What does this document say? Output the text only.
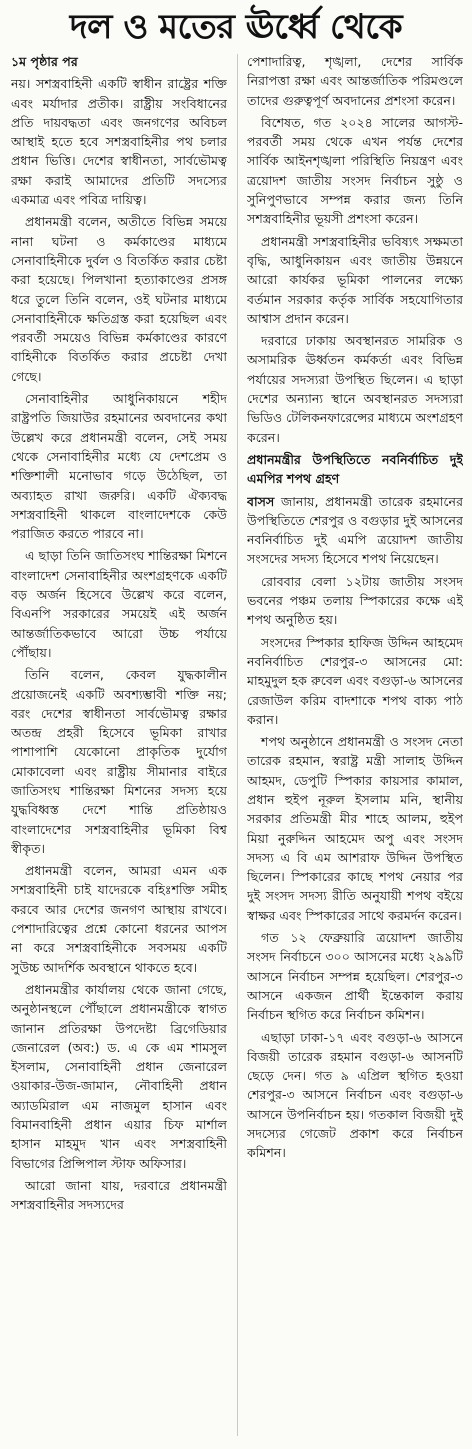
দল ও মতের ঊর্ধ্বে থেকে

১ম পৃষ্ঠার পর

নয়। সশস্ত্রবাহিনী একটি স্বাধীন রাষ্ট্রের শক্তি এবং মর্যাদার প্রতীক। রাষ্ট্রীয় সংবিধানের প্রতি দায়বদ্ধতা এবং জনগণের অবিচল আস্থাই হতে হবে সশস্ত্রবাহিনীর পথ চলার প্রধান ভিত্তি। দেশের স্বাধীনতা, সার্বভৌমত্ব রক্ষা করাই আমাদের প্রতিটি সদস্যের একমাত্র এবং পবিত্র দায়িত্ব।

প্রধানমন্ত্রী বলেন, অতীতে বিভিন্ন সময়ে নানা ঘটনা ও কর্মকাণ্ডের মাধ্যমে সেনাবাহিনীকে দুর্বল ও বিতর্কিত করার চেষ্টা করা হয়েছে। পিলখানা হত্যাকাণ্ডের প্রসঙ্গ ধরে তুলে তিনি বলেন, ওই ঘটনার মাধ্যমে সেনাবাহিনীকে ক্ষতিগ্রস্ত করা হয়েছিল এবং পরবর্তী সময়েও বিভিন্ন কর্মকাণ্ডের কারণে বাহিনীকে বিতর্কিত করার প্রচেষ্টা দেখা গেছে।

সেনাবাহিনীর আধুনিকায়নে শহীদ রাষ্ট্রপতি জিয়াউর রহমানের অবদানের কথা উল্লেখ করে প্রধানমন্ত্রী বলেন, সেই সময় থেকে সেনাবাহিনীর মধ্যে যে দেশপ্রেম ও শক্তিশালী মনোভাব গড়ে উঠেছিল, তা অব্যাহত রাখা জরুরি। একটি ঐক্যবদ্ধ সশস্ত্রবাহিনী থাকলে বাংলাদেশকে কেউ পরাজিত করতে পারবে না।

এ ছাড়া তিনি জাতিসংঘ শান্তিরক্ষা মিশনে বাংলাদেশ সেনাবাহিনীর অংশগ্রহণকে একটি বড় অর্জন হিসেবে উল্লেখ করে বলেন, বিএনপি সরকারের সময়েই এই অর্জন আন্তর্জাতিকভাবে আরো উচ্চ পর্যায়ে পৌঁছায়।

তিনি বলেন, কেবল যুদ্ধকালীন প্রয়োজনেই একটি অবশ্যম্ভাবী শক্তি নয়; বরং দেশের স্বাধীনতা সার্বভৌমত্ব রক্ষার অতন্দ্র প্রহরী হিসেবে ভূমিকা রাখার পাশাপাশি যেকোনো প্রাকৃতিক দুর্যোগ মোকাবেলা এবং রাষ্ট্রীয় সীমানার বাইরে জাতিসংঘ শান্তিরক্ষা মিশনের সদস্য হয়ে যুদ্ধবিধ্বস্ত দেশে শান্তি প্রতিষ্ঠায়ও বাংলাদেশের সশস্ত্রবাহিনীর ভূমিকা বিশ্ব স্বীকৃত।

প্রধানমন্ত্রী বলেন, আমরা এমন এক সশস্ত্রবাহিনী চাই যাদেরকে বহিঃশক্তি সমীহ করবে আর দেশের জনগণ আস্থায় রাখবে। পেশাদারিত্বের প্রশ্নে কোনো ধরনের আপস না করে সশস্ত্রবাহিনীকে সবসময় একটি সুউচ্চ আদর্শিক অবস্থানে থাকতে হবে।

প্রধানমন্ত্রীর কার্যালয় থেকে জানা গেছে, অনুষ্ঠানস্থলে পৌঁছালে প্রধানমন্ত্রীকে স্বাগত জানান প্রতিরক্ষা উপদেষ্টা ব্রিগেডিয়ার জেনারেল (অব:) ড. এ কে এম শামসুল ইসলাম, সেনাবাহিনী প্রধান জেনারেল ওয়াকার-উজ-জামান, নৌবাহিনী প্রধান অ্যাডমিরাল এম নাজমুল হাসান এবং বিমানবাহিনী প্রধান এয়ার চিফ মার্শাল হাসান মাহমুদ খান এবং সশস্ত্রবাহিনী বিভাগের প্রিন্সিপাল স্টাফ অফিসার।

আরো জানা যায়, দরবারে প্রধানমন্ত্রী সশস্ত্রবাহিনীর সদস্যদের

পেশাদারিত্ব, শৃঙ্খলা, দেশের সার্বিক নিরাপত্তা রক্ষা এবং আন্তর্জাতিক পরিমণ্ডলে তাদের গুরুত্বপূর্ণ অবদানের প্রশংসা করেন।

বিশেষত, গত ২০২৪ সালের আগস্ট-পরবর্তী সময় থেকে এখন পর্যন্ত দেশের সার্বিক আইনশৃঙ্খলা পরিস্থিতি নিয়ন্ত্রণ এবং ত্রয়োদশ জাতীয় সংসদ নির্বাচন সুষ্ঠু ও সুনিপুণভাবে সম্পন্ন করার জন্য তিনি সশস্ত্রবাহিনীর ভূয়সী প্রশংসা করেন।

প্রধানমন্ত্রী সশস্ত্রবাহিনীর ভবিষ্যৎ সক্ষমতা বৃদ্ধি, আধুনিকায়ন এবং জাতীয় উন্নয়নে আরো কার্যকর ভূমিকা পালনের লক্ষ্যে বর্তমান সরকার কর্তৃক সার্বিক সহযোগিতার আশ্বাস প্রদান করেন।

দরবারে ঢাকায় অবস্থানরত সামরিক ও অসামরিক ঊর্ধ্বতন কর্মকর্তা এবং বিভিন্ন পর্যায়ের সদস্যরা উপস্থিত ছিলেন। এ ছাড়া দেশের অন্যান্য স্থানে অবস্থানরত সদস্যরা ভিডিও টেলিকনফারেন্সের মাধ্যমে অংশগ্রহণ করেন।

প্রধানমন্ত্রীর উপস্থিতিতে নবনির্বাচিত দুই এমপির শপথ গ্রহণ

বাসস জানায়, প্রধানমন্ত্রী তারেক রহমানের উপস্থিতিতে শেরপুর ও বগুড়ার দুই আসনের নবনির্বাচিত দুই এমপি ত্রয়োদশ জাতীয় সংসদের সদস্য হিসেবে শপথ নিয়েছেন।

রোববার বেলা ১২টায় জাতীয় সংসদ ভবনের পঞ্চম তলায় স্পিকারের কক্ষে এই শপথ অনুষ্ঠিত হয়।

সংসদের স্পিকার হাফিজ উদ্দিন আহমেদ নবনির্বাচিত শেরপুর-৩ আসনের মো: মাহমুদুল হক রুবেল এবং বগুড়া-৬ আসনের রেজাউল করিম বাদশাকে শপথ বাক্য পাঠ করান।

শপথ অনুষ্ঠানে প্রধানমন্ত্রী ও সংসদ নেতা তারেক রহমান, স্বরাষ্ট্র মন্ত্রী সালাহ উদ্দিন আহমদ, ডেপুটি স্পিকার কায়সার কামাল, প্রধান হুইপ নূরুল ইসলাম মনি, স্থানীয় সরকার প্রতিমন্ত্রী মীর শাহে আলম, হুইপ মিয়া নুরুদ্দিন আহমেদ অপু এবং সংসদ সদস্য এ বি এম আশরাফ উদ্দিন উপস্থিত ছিলেন। স্পিকারের কাছে শপথ নেয়ার পর দুই সংসদ সদস্য রীতি অনুযায়ী শপথ বইয়ে স্বাক্ষর এবং স্পিকারের সাথে করমর্দন করেন।

গত ১২ ফেব্রুয়ারি ত্রয়োদশ জাতীয় সংসদ নির্বাচনে ৩০০ আসনের মধ্যে ২৯৯টি আসনে নির্বাচন সম্পন্ন হয়েছিল। শেরপুর-৩ আসনে একজন প্রার্থী ইন্তেকাল করায় নির্বাচন স্থগিত করে নির্বাচন কমিশন।

এছাড়া ঢাকা-১৭ এবং বগুড়া-৬ আসনে বিজয়ী তারেক রহমান বগুড়া-৬ আসনটি ছেড়ে দেন। গত ৯ এপ্রিল স্থগিত হওয়া শেরপুর-৩ আসনে নির্বাচন এবং বগুড়া-৬ আসনে উপনির্বাচন হয়। গতকাল বিজয়ী দুই সদস্যের গেজেট প্রকাশ করে নির্বাচন কমিশন।
